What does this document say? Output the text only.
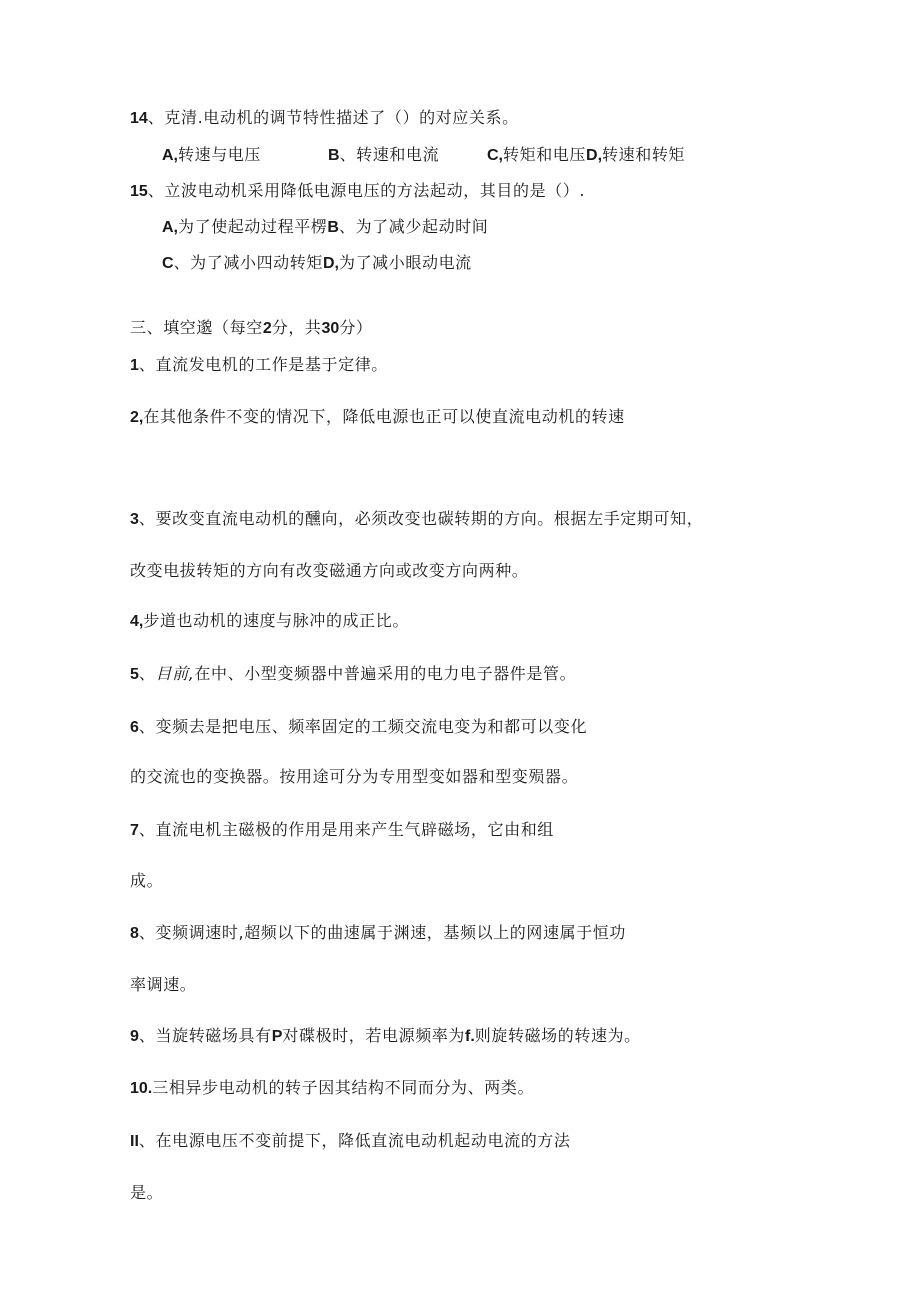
14、克清.电动机的调节特性描述了（）的对应关系。
A,转速与电压	B、转速和电流	C,转矩和电压D,转速和转矩
15、立波电动机采用降低电源电压的方法起动，其目的是（）.
A,为了使起动过程平楞B、为了减少起动时间
C、为了减小四动转矩D,为了减小眼动电流
三、填空邈（每空2分，共30分）
1、直流发电机的工作是基于定律。
2,在其他条件不变的情况下，降低电源也正可以使直流电动机的转速
3、要改变直流电动机的醺向，必须改变也碳转期的方向。根据左手定期可知，
改变电拔转矩的方向有改变磁通方向或改变方向两种。
4,步道也动机的速度与脉冲的成正比。
5、目前,在中、小型变频器中普遍采用的电力电子器件是管。
6、变频去是把电压、频率固定的工频交流电变为和都可以变化
的交流也的变换器。按用途可分为专用型变如器和型变殒器。
7、直流电机主磁极的作用是用来产生气辟磁场，它由和组
成。
8、变频调速时,超频以下的曲速属于渊速，基频以上的网速属于恒功
率调速。
9、当旋转磁场具有P对碟极时，若电源频率为f.则旋转磁场的转速为。
10.三相异步电动机的转子因其结构不同而分为、两类。
II、在电源电压不变前提下，降低直流电动机起动电流的方法
是。
